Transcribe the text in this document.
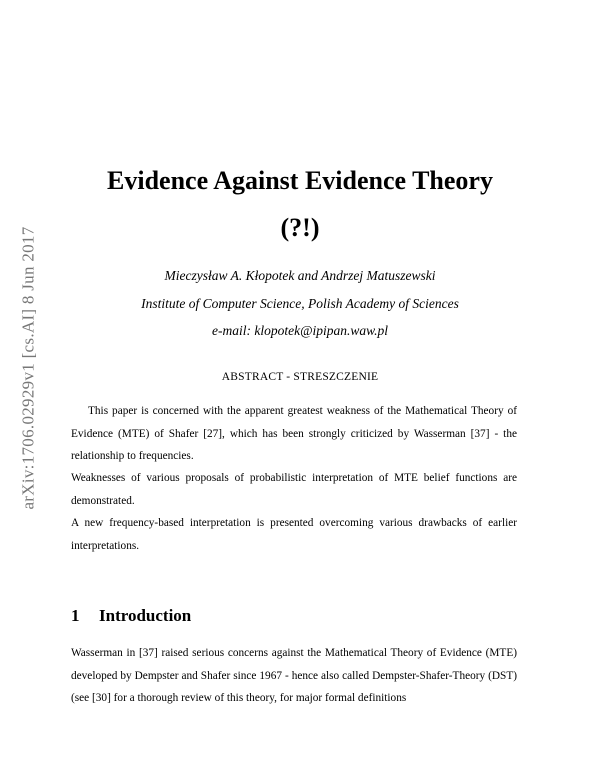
arXiv:1706.02929v1 [cs.AI] 8 Jun 2017
Evidence Against Evidence Theory
(?!)
Mieczysław A. Kłopotek and Andrzej Matuszewski
Institute of Computer Science, Polish Academy of Sciences
e-mail: klopotek@ipipan.waw.pl
ABSTRACT - STRESZCZENIE

This paper is concerned with the apparent greatest weakness of the Mathematical Theory of Evidence (MTE) of Shafer [27], which has been strongly criticized by Wasserman [37] - the relationship to frequencies.

Weaknesses of various proposals of probabilistic interpretation of MTE belief functions are demonstrated.

A new frequency-based interpretation is presented overcoming various drawbacks of earlier interpretations.

1 Introduction

Wasserman in [37] raised serious concerns against the Mathematical Theory of Evidence (MTE) developed by Dempster and Shafer since 1967 - hence also called Dempster-Shafer-Theory (DST) (see [30] for a thorough review of this theory, for major formal definitions
